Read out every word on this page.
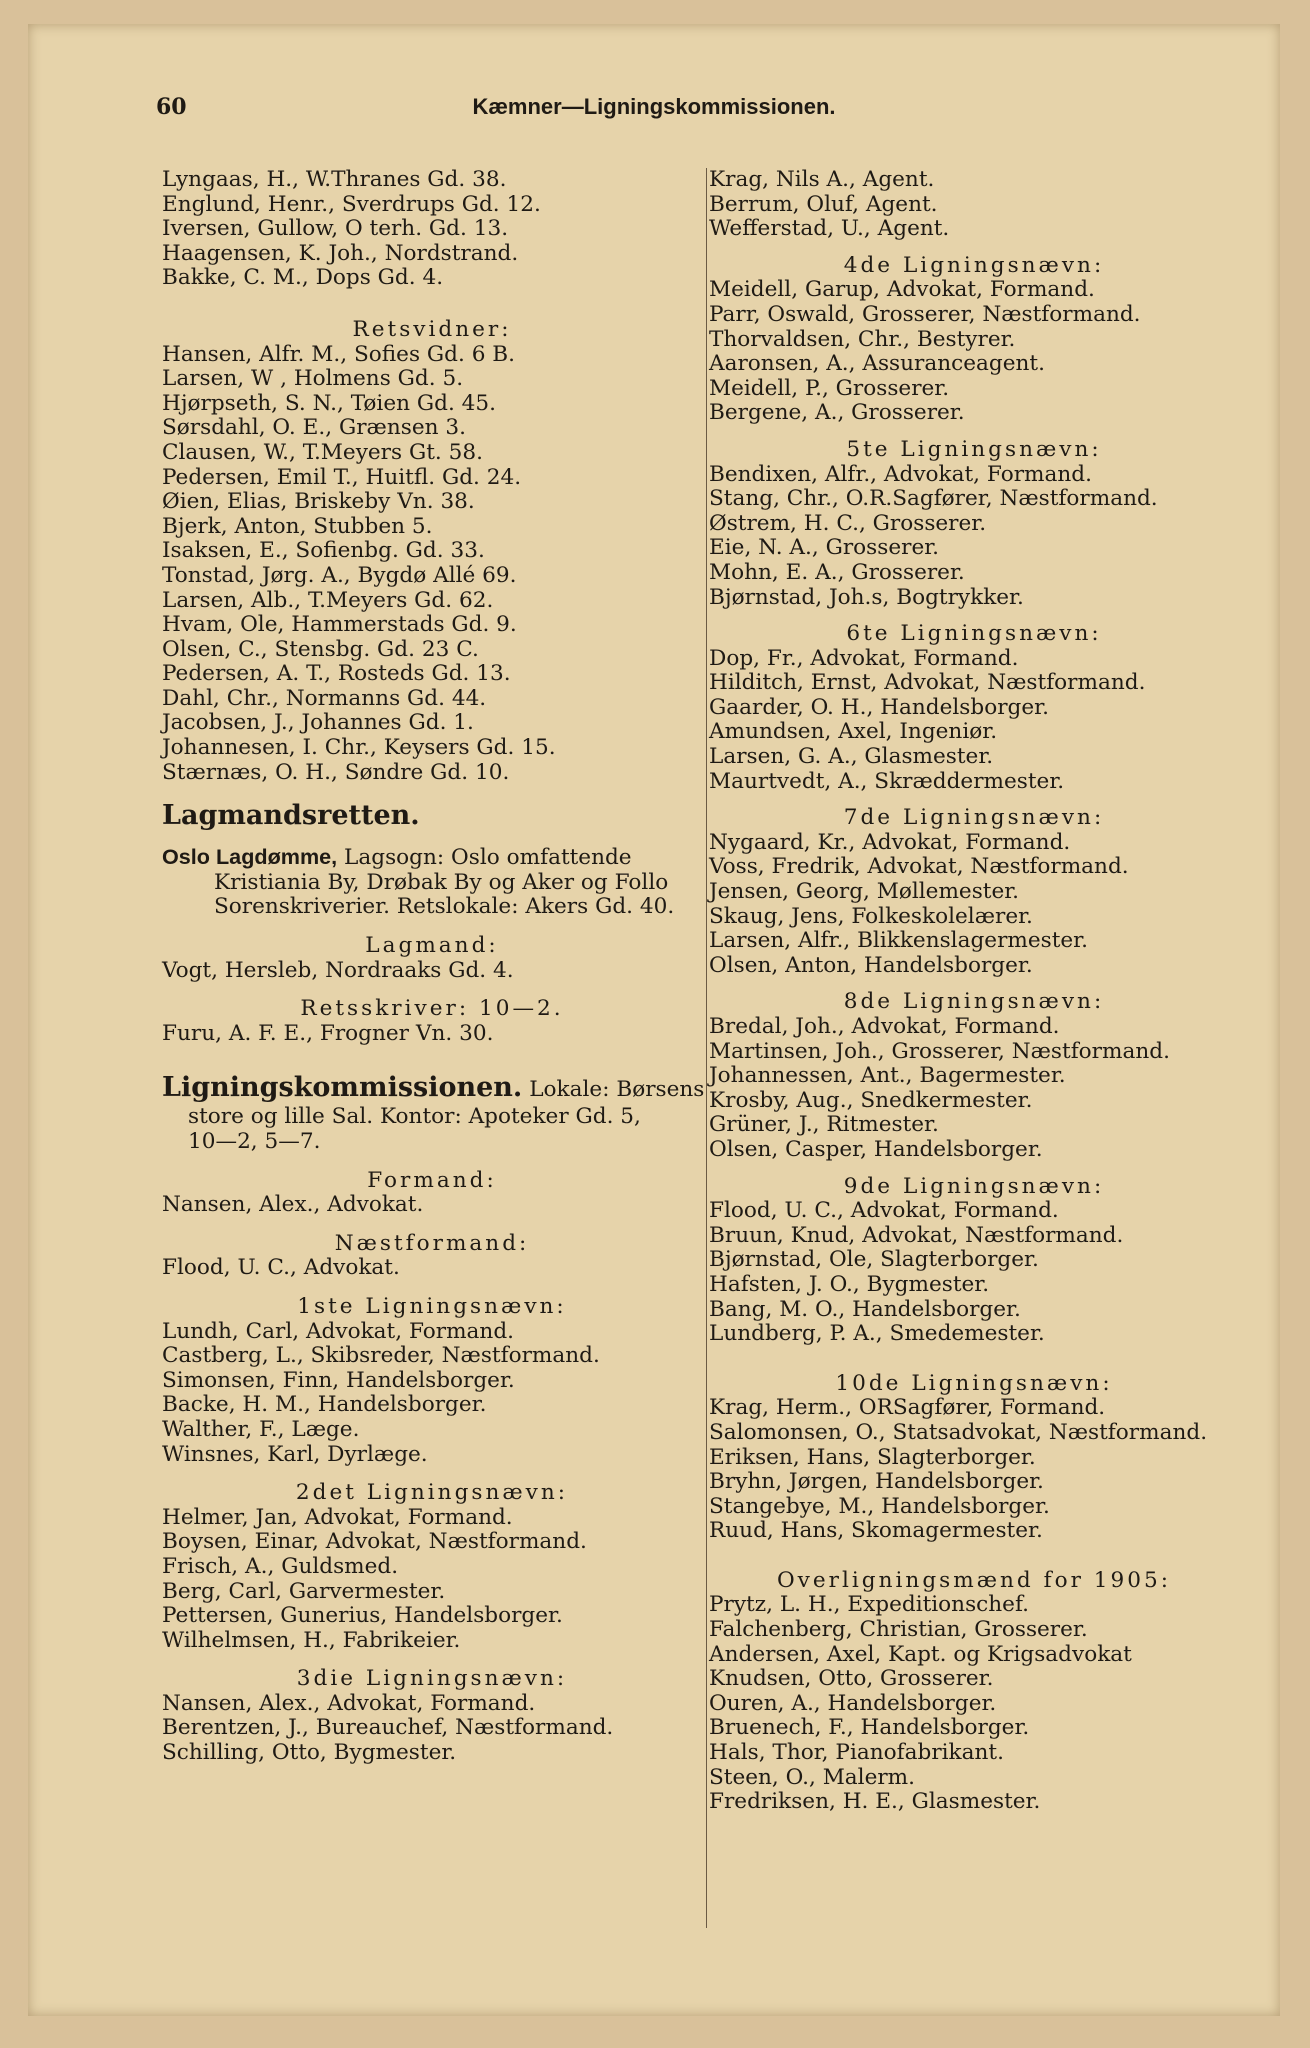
60	Kæmner—Ligningskommissionen.
Lyngaas, H., W.Thranes Gd. 38.
Englund, Henr., Sverdrups Gd. 12.
Iversen, Gullow, O terh. Gd. 13.
Haagensen, K. Joh., Nordstrand.
Bakke, C. M., Dops Gd. 4.
Retsvidner:
Hansen, Alfr. M., Sofies Gd. 6 B.
Larsen, W , Holmens Gd. 5.
Hjørpseth, S. N., Tøien Gd. 45.
Sørsdahl, O. E., Grænsen 3.
Clausen, W., T.Meyers Gt. 58.
Pedersen, Emil T., Huitfl. Gd. 24.
Øien, Elias, Briskeby Vn. 38.
Bjerk, Anton, Stubben 5.
Isaksen, E., Sofienbg. Gd. 33.
Tonstad, Jørg. A., Bygdø Allé 69.
Larsen, Alb., T.Meyers Gd. 62.
Hvam, Ole, Hammerstads Gd. 9.
Olsen, C., Stensbg. Gd. 23 C.
Pedersen, A. T., Rosteds Gd. 13.
Dahl, Chr., Normanns Gd. 44.
Jacobsen, J., Johannes Gd. 1.
Johannesen, I. Chr., Keysers Gd. 15.
Stærnæs, O. H., Søndre Gd. 10.
Lagmandsretten.
Oslo Lagdømme, Lagsogn: Oslo omfattende
Kristiania By, Drøbak By og Aker og Follo
Sorenskriverier. Retslokale: Akers Gd. 40.
Lagmand:
Vogt, Hersleb, Nordraaks Gd. 4.
Retsskriver: 10—2.
Furu, A. F. E., Frogner Vn. 30.
Ligningskommissionen. Lokale: Børsens
store og lille Sal. Kontor: Apoteker Gd. 5,
10—2, 5—7.
Formand:
Nansen, Alex., Advokat.
Næstformand:
Flood, U. C., Advokat.
1ste Ligningsnævn:
Lundh, Carl, Advokat, Formand.
Castberg, L., Skibsreder, Næstformand.
Simonsen, Finn, Handelsborger.
Backe, H. M., Handelsborger.
Walther, F., Læge.
Winsnes, Karl, Dyrlæge.
2det Ligningsnævn:
Helmer, Jan, Advokat, Formand.
Boysen, Einar, Advokat, Næstformand.
Frisch, A., Guldsmed.
Berg, Carl, Garvermester.
Pettersen, Gunerius, Handelsborger.
Wilhelmsen, H., Fabrikeier.
3die Ligningsnævn:
Nansen, Alex., Advokat, Formand.
Berentzen, J., Bureauchef, Næstformand.
Schilling, Otto, Bygmester.
Krag, Nils A., Agent.
Berrum, Oluf, Agent.
Wefferstad, U., Agent.
4de Ligningsnævn:
Meidell, Garup, Advokat, Formand.
Parr, Oswald, Grosserer, Næstformand.
Thorvaldsen, Chr., Bestyrer.
Aaronsen, A., Assuranceagent.
Meidell, P., Grosserer.
Bergene, A., Grosserer.
5te Ligningsnævn:
Bendixen, Alfr., Advokat, Formand.
Stang, Chr., O.R.Sagfører, Næstformand.
Østrem, H. C., Grosserer.
Eie, N. A., Grosserer.
Mohn, E. A., Grosserer.
Bjørnstad, Joh.s, Bogtrykker.
6te Ligningsnævn:
Dop, Fr., Advokat, Formand.
Hilditch, Ernst, Advokat, Næstformand.
Gaarder, O. H., Handelsborger.
Amundsen, Axel, Ingeniør.
Larsen, G. A., Glasmester.
Maurtvedt, A., Skræddermester.
7de Ligningsnævn:
Nygaard, Kr., Advokat, Formand.
Voss, Fredrik, Advokat, Næstformand.
Jensen, Georg, Møllemester.
Skaug, Jens, Folkeskolelærer.
Larsen, Alfr., Blikkenslagermester.
Olsen, Anton, Handelsborger.
8de Ligningsnævn:
Bredal, Joh., Advokat, Formand.
Martinsen, Joh., Grosserer, Næstformand.
Johannessen, Ant., Bagermester.
Krosby, Aug., Snedkermester.
Grüner, J., Ritmester.
Olsen, Casper, Handelsborger.
9de Ligningsnævn:
Flood, U. C., Advokat, Formand.
Bruun, Knud, Advokat, Næstformand.
Bjørnstad, Ole, Slagterborger.
Hafsten, J. O., Bygmester.
Bang, M. O., Handelsborger.
Lundberg, P. A., Smedemester.
10de Ligningsnævn:
Krag, Herm., ORSagfører, Formand.
Salomonsen, O., Statsadvokat, Næstformand.
Eriksen, Hans, Slagterborger.
Bryhn, Jørgen, Handelsborger.
Stangebye, M., Handelsborger.
Ruud, Hans, Skomagermester.
Overligningsmænd for 1905:
Prytz, L. H., Expeditionschef.
Falchenberg, Christian, Grosserer.
Andersen, Axel, Kapt. og Krigsadvokat
Knudsen, Otto, Grosserer.
Ouren, A., Handelsborger.
Bruenech, F., Handelsborger.
Hals, Thor, Pianofabrikant.
Steen, O., Malerm.
Fredriksen, H. E., Glasmester.
